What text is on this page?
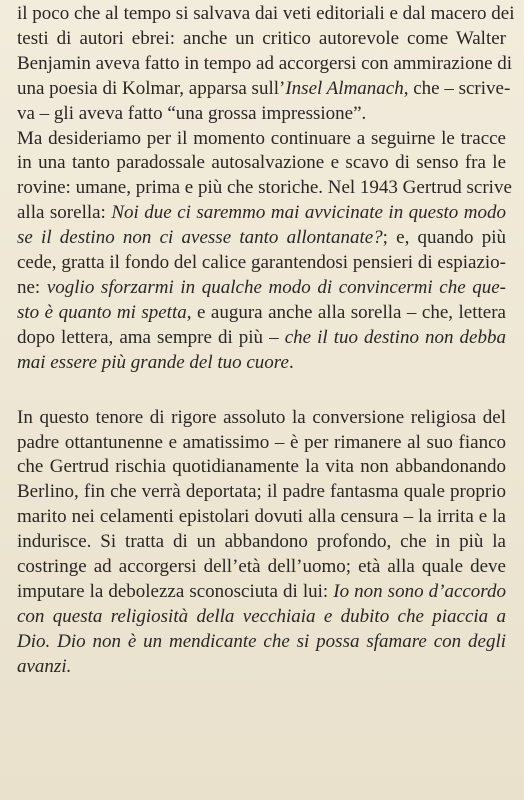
il poco che al tempo si salvava dai veti editoriali e dal macero dei
testi di autori ebrei: anche un critico autorevole come Walter
Benjamin aveva fatto in tempo ad accorgersi con ammirazione di
una poesia di Kolmar, apparsa sull’Insel Almanach, che – scrive-
va – gli aveva fatto “una grossa impressione”.
Ma desideriamo per il momento continuare a seguirne le tracce
in una tanto paradossale autosalvazione e scavo di senso fra le
rovine: umane, prima e più che storiche. Nel 1943 Gertrud scrive
alla sorella: Noi due ci saremmo mai avvicinate in questo modo
se il destino non ci avesse tanto allontanate?; e, quando più
cede, gratta il fondo del calice garantendosi pensieri di espiazio-
ne: voglio sforzarmi in qualche modo di convincermi che que-
sto è quanto mi spetta, e augura anche alla sorella – che, lettera
dopo lettera, ama sempre di più – che il tuo destino non debba
mai essere più grande del tuo cuore.
In questo tenore di rigore assoluto la conversione religiosa del
padre ottantunenne e amatissimo – è per rimanere al suo fianco
che Gertrud rischia quotidianamente la vita non abbandonando
Berlino, fin che verrà deportata; il padre fantasma quale proprio
marito nei celamenti epistolari dovuti alla censura – la irrita e la
indurisce. Si tratta di un abbandono profondo, che in più la
costringe ad accorgersi dell’età dell’uomo; età alla quale deve
imputare la debolezza sconosciuta di lui: Io non sono d’accordo
con questa religiosità della vecchiaia e dubito che piaccia a
Dio. Dio non è un mendicante che si possa sfamare con degli
avanzi.
